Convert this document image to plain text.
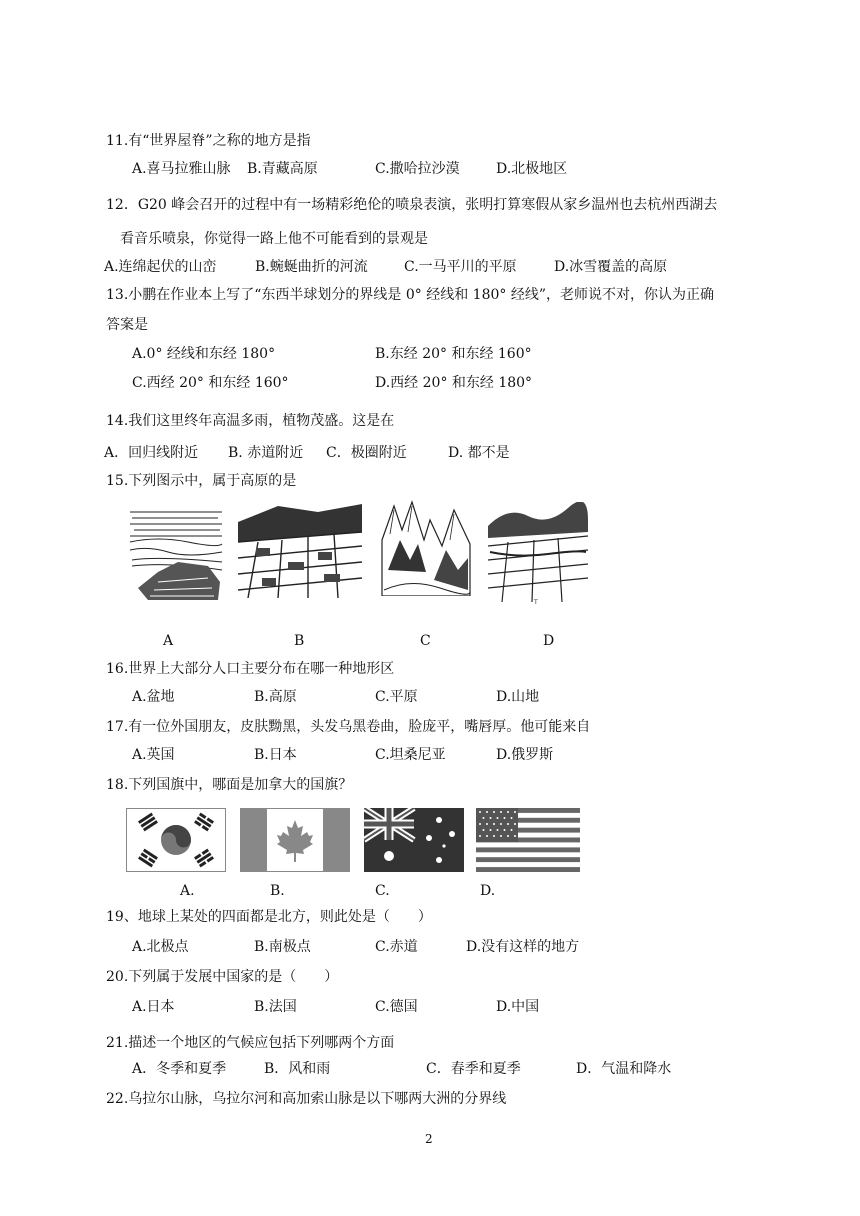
11.有“世界屋脊”之称的地方是指
A.喜马拉雅山脉 B.青藏高原	C.撒哈拉沙漠	D.北极地区
12．G20 峰会召开的过程中有一场精彩绝伦的喷泉表演，张明打算寒假从家乡温州也去杭州西湖去
看音乐喷泉，你觉得一路上他不可能看到的景观是
A.连绵起伏的山峦	B.蜿蜒曲折的河流	C.一马平川的平原	D.冰雪覆盖的高原
13.小鹏在作业本上写了“东西半球划分的界线是 0° 经线和 180° 经线”，老师说不对，你认为正确
答案是
A.0° 经线和东经 180°	B.东经 20° 和东经 160°
C.西经 20° 和东经 160°	D.西经 20° 和东经 180°
14.我们这里终年高温多雨，植物茂盛。这是在
A．回归线附近 B. 赤道附近 C．极圈附近	D. 都不是
15.下列图示中，属于高原的是
T
A	B	C	D
16.世界上大部分人口主要分布在哪一种地形区
A.盆地	B.高原	C.平原	D.山地
17.有一位外国朋友，皮肤黝黑，头发乌黑卷曲，脸庞平，嘴唇厚。他可能来自
A.英国	B.日本	C.坦桑尼亚	D.俄罗斯
18.下列国旗中，哪面是加拿大的国旗？
A.	B.	C.	D.
19、地球上某处的四面都是北方，则此处是（　　）
A.北极点	B.南极点	C.赤道	D.没有这样的地方
20.下列属于发展中国家的是（　　）
A.日本	B.法国	C.德国	D.中国
21.描述一个地区的气候应包括下列哪两个方面
A．冬季和夏季	B．风和雨	C．春季和夏季	D．气温和降水
22.乌拉尔山脉，乌拉尔河和高加索山脉是以下哪两大洲的分界线
2
